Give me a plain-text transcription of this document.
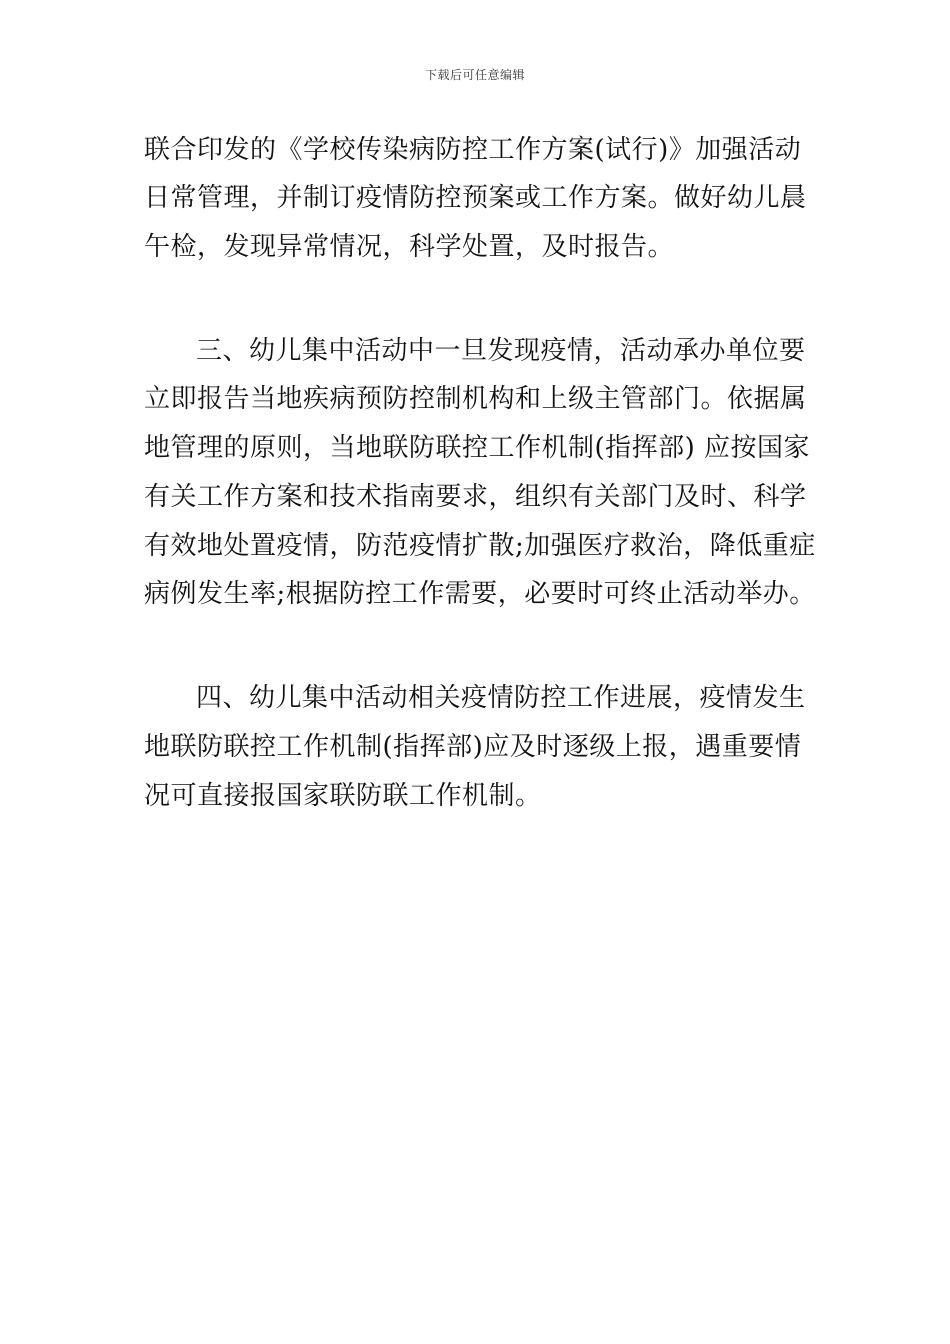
下载后可任意编辑
联合印发的《学校传染病防控工作方案(试行)》加强活动
日常管理，并制订疫情防控预案或工作方案。做好幼儿晨
午检，发现异常情况，科学处置，及时报告。
三、幼儿集中活动中一旦发现疫情，活动承办单位要
立即报告当地疾病预防控制机构和上级主管部门。依据属
地管理的原则，当地联防联控工作机制(指挥部) 应按国家
有关工作方案和技术指南要求，组织有关部门及时、科学
有效地处置疫情，防范疫情扩散;加强医疗救治，降低重症
病例发生率;根据防控工作需要，必要时可终止活动举办。
四、幼儿集中活动相关疫情防控工作进展，疫情发生
地联防联控工作机制(指挥部)应及时逐级上报，遇重要情
况可直接报国家联防联工作机制。
